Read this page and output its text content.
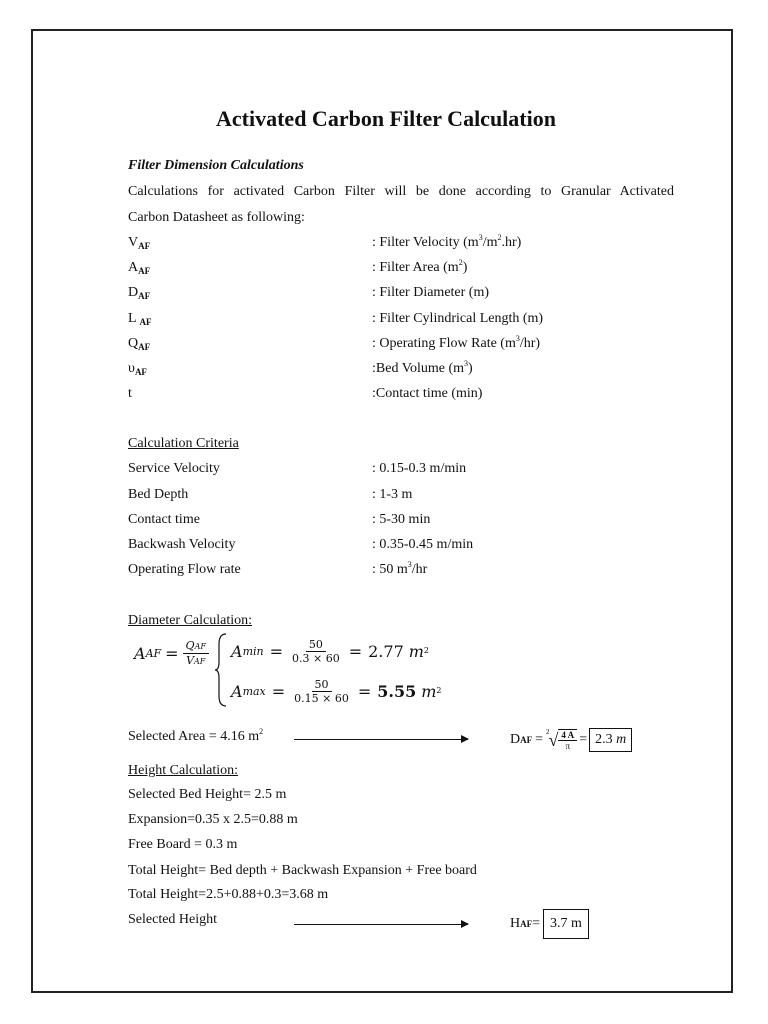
Activated Carbon Filter Calculation
Filter Dimension Calculations
Calculations for activated Carbon Filter will be done according to Granular Activated
Carbon Datasheet as following:
$V_{AF}$	: Filter Velocity $(m^3/m^2.hr)$
$A_{AF}$	: Filter Area $(m^2)$
$D_{AF}$	: Filter Diameter (m)
L $_{AF}$	: Filter Cylindrical Length (m)
$Q_{AF}$	: Operating Flow Rate $(m^3/hr)$
$\upsilon_{AF}$	:Bed Volume $(m^3)$
t	:Contact time (min)
Calculation Criteria
Service Velocity	: 0.15-0.3 m/min
Bed Depth	: 1-3 m
Contact time	: 5-30 min
Backwash Velocity	: 0.35-0.45 m/min
Operating Flow rate	: 50 $m^3/hr$
Diameter Calculation:
A AF = $\frac{\text{QAF}}{\text{VAF}}$ A $\min = \frac{50}{0.3 \times 60} = 2.77$ m 2
A $\max = \frac{50}{0.15 \times 60} = 5.55$ m 2
Selected Area = 4.16 $m^2$
D AF = 2 √ $\frac{4 A}{\pi} = 2.3$ m
Height Calculation:
Selected Bed Height= 2.5 m
Expansion=0.35 x 2.5=0.88 m
Free Board = 0.3 m
Total Height= Bed depth + Backwash Expansion + Free board
Total Height=2.5+0.88+0.3=3.68 m
Selected Height	H AF = 3.7 m
